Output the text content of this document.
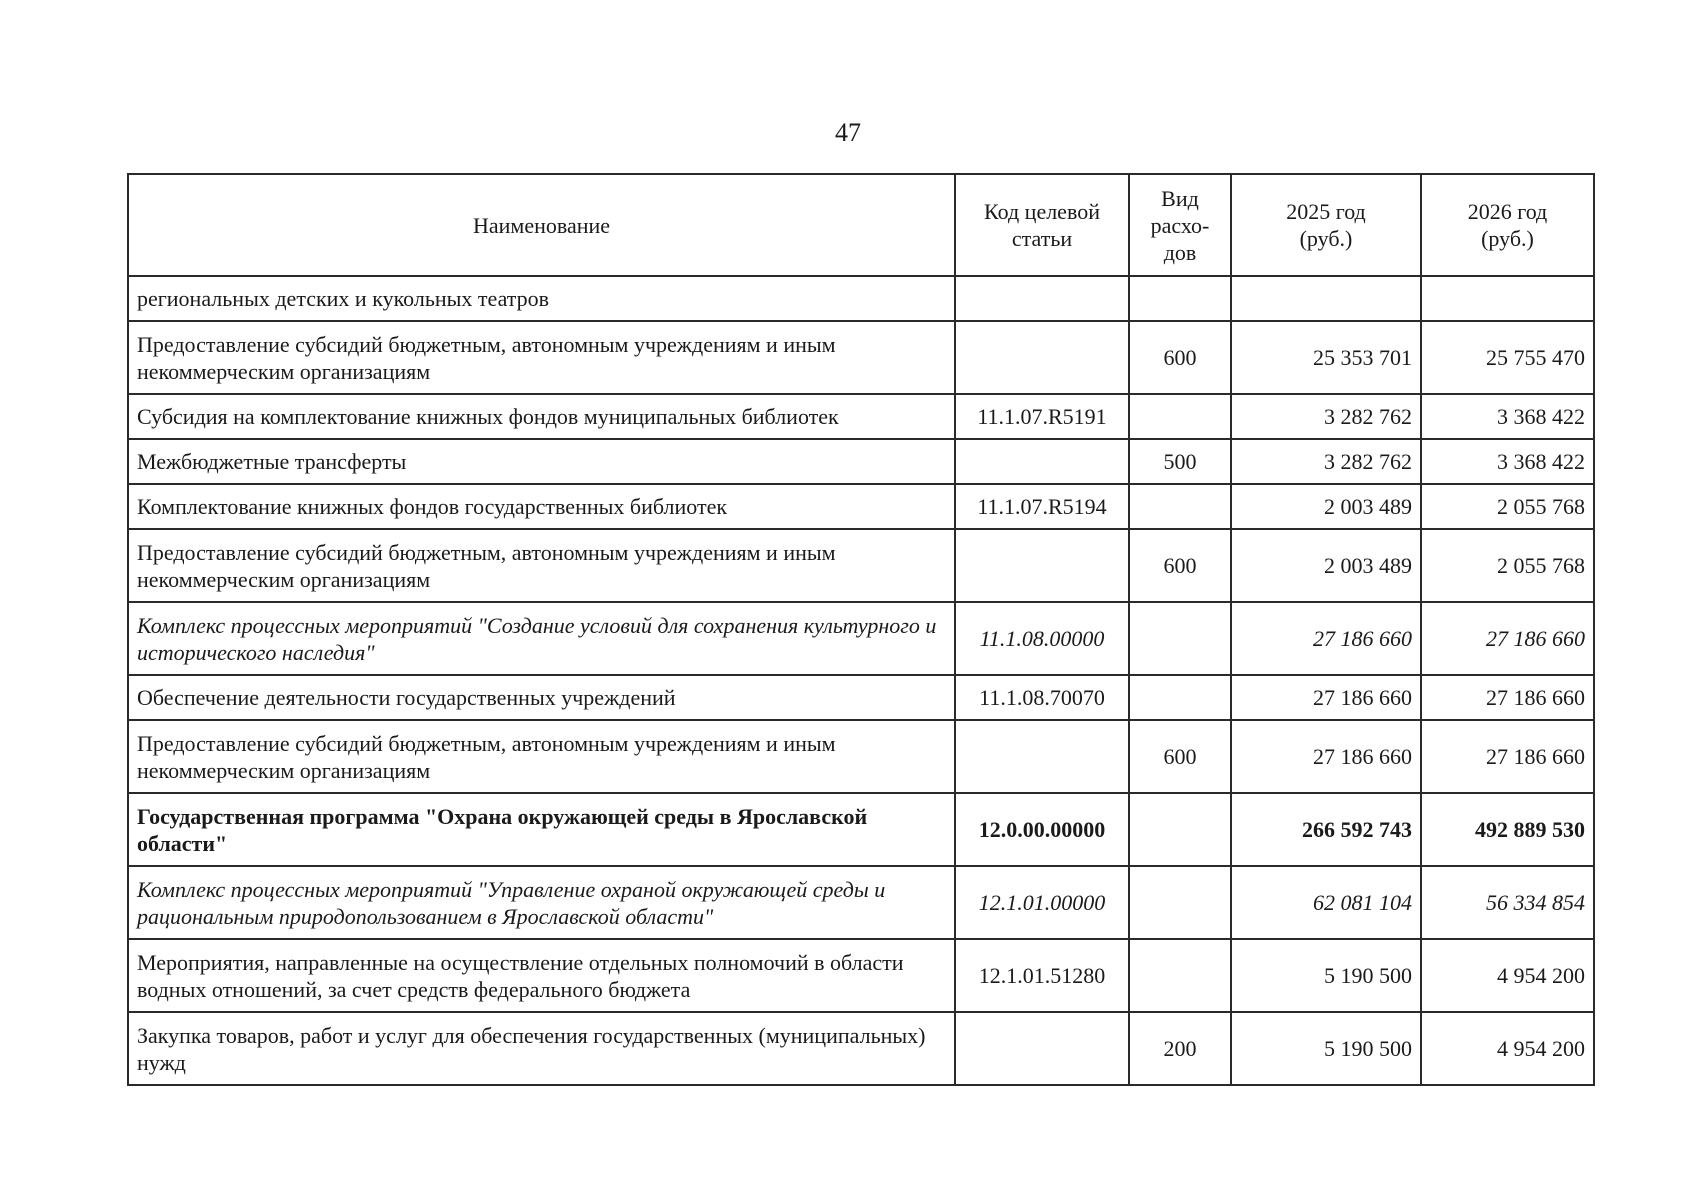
47
Наименование	Код целевой статьи	Вид расхо-дов	2025 год (руб.)	2026 год (руб.)
региональных детских и кукольных театров				
Предоставление субсидий бюджетным, автономным учреждениям и иным некоммерческим организациям		600	25 353 701	25 755 470
Субсидия на комплектование книжных фондов муниципальных библиотек	11.1.07.R5191		3 282 762	3 368 422
Межбюджетные трансферты		500	3 282 762	3 368 422
Комплектование книжных фондов государственных библиотек	11.1.07.R5194		2 003 489	2 055 768
Предоставление субсидий бюджетным, автономным учреждениям и иным некоммерческим организациям		600	2 003 489	2 055 768
Комплекс процессных мероприятий "Создание условий для сохранения культурного и исторического наследия"	11.1.08.00000		27 186 660	27 186 660
Обеспечение деятельности государственных учреждений	11.1.08.70070		27 186 660	27 186 660
Предоставление субсидий бюджетным, автономным учреждениям и иным некоммерческим организациям		600	27 186 660	27 186 660
Государственная программа "Охрана окружающей среды в Ярославской области"	12.0.00.00000		266 592 743	492 889 530
Комплекс процессных мероприятий "Управление охраной окружающей среды и рациональным природопользованием в Ярославской области"	12.1.01.00000		62 081 104	56 334 854
Мероприятия, направленные на осуществление отдельных полномочий в области водных отношений, за счет средств федерального бюджета	12.1.01.51280		5 190 500	4 954 200
Закупка товаров, работ и услуг для обеспечения государственных (муниципальных) нужд		200	5 190 500	4 954 200
